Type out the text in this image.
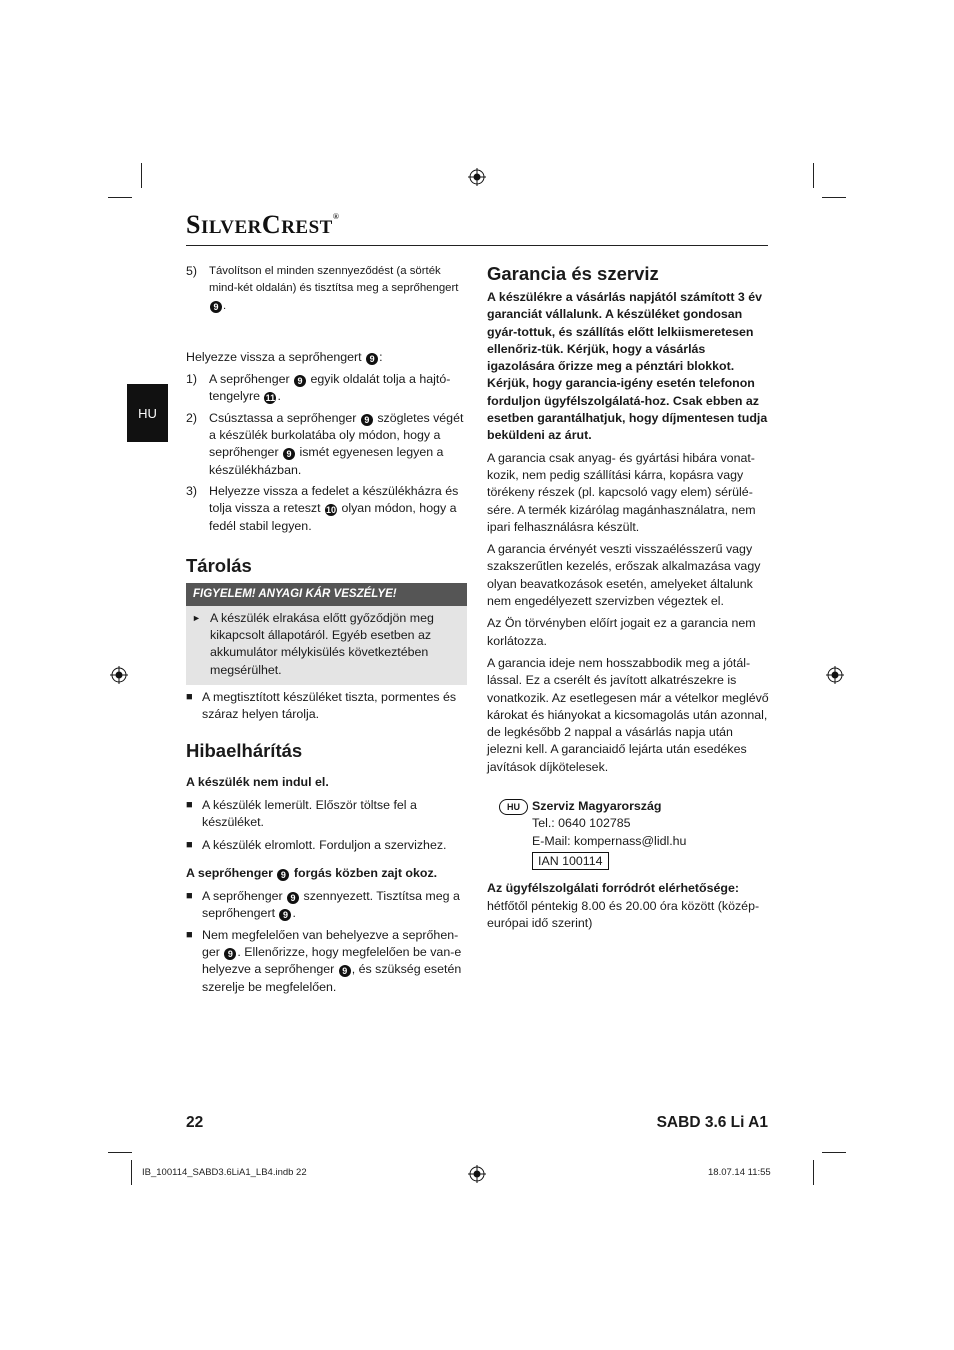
SILVERCREST®
HU
5)	Távolítson el minden szennyeződést (a sörték mind-két oldalán) és tisztítsa meg a seprőhengert 9 .

Helyezze vissza a seprőhengert 9 :

1) A seprőhenger 9 egyik oldalát tolja a hajtó-tengelyre 11 .
2) Csúsztassa a seprőhenger 9 szögletes végét a készülék burkolatába oly módon, hogy a seprőhenger 9 ismét egyenesen legyen a készülékházban.
3) Helyezze vissza a fedelet a készülékházra és tolja vissza a reteszt 10 olyan módon, hogy a fedél stabil legyen.
Tárolás
FIGYELEM! ANYAGI KÁR VESZÉLYE!
► A készülék elrakása előtt győződjön meg kikapcsolt állapotáról. Egyéb esetben az akkumulátor mélykisülés következtében megsérülhet.
■ A megtisztított készüléket tiszta, pormentes és száraz helyen tárolja.
Hibaelhárítás

A készülék nem indul el.

■ A készülék lemerült. Először töltse fel a készüléket.
■ A készülék elromlott. Forduljon a szervizhez.

A seprőhenger 9 forgás közben zajt okoz.

■ A seprőhenger 9 szennyezett. Tisztítsa meg a seprőhengert 9 .
■ Nem megfelelően van behelyezve a seprőhen-ger 9 . Ellenőrizze, hogy megfelelően be van-e helyezve a seprőhenger 9 , és szükség esetén szerelje be megfelelően.
Garancia és szerviz

A készülékre a vásárlás napjától számított 3 év garanciát vállalunk. A készüléket gondosan gyár-tottuk, és szállítás előtt lelkiismeretesen ellenőriz-tük. Kérjük, hogy a vásárlás igazolására őrizze meg a pénztári blokkot. Kérjük, hogy garancia-igény esetén telefonon forduljon ügyfélszolgálatá-hoz. Csak ebben az esetben garantálhatjuk, hogy díjmentesen tudja beküldeni az árut.

A garancia csak anyag- és gyártási hibára vonat-kozik, nem pedig szállítási kárra, kopásra vagy törékeny részek (pl. kapcsoló vagy elem) sérülé-sére. A termék kizárólag magánhasználatra, nem ipari felhasználásra készült.

A garancia érvényét veszti visszaélésszerű vagy szakszerűtlen kezelés, erőszak alkalmazása vagy olyan beavatkozások esetén, amelyeket általunk nem engedélyezett szervizben végeztek el.

Az Ön törvényben előírt jogait ez a garancia nem korlátozza.

A garancia ideje nem hosszabbodik meg a jótál-lással. Ez a cserélt és javított alkatrészekre is vonatkozik. Az esetlegesen már a vételkor meglévő károkat és hiányokat a kicsomagolás után azonnal, de legkésőbb 2 nappal a vásárlás napja után jelezni kell. A garanciaidő lejárta után esedékes javítások díjkötelesek.

HU Szerviz Magyarország

Tel.: 0640 102785

E-Mail: kompernass@lidl.hu

IAN 100114

Az ügyfélszolgálati forródrót elérhetősége:

hétfőtől péntekig 8.00 és 20.00 óra között (közép-európai idő szerint)

22	SABD 3.6 Li A1
IB_100114_SABD3.6LiA1_LB4.indb 22	18.07.14 11:55
